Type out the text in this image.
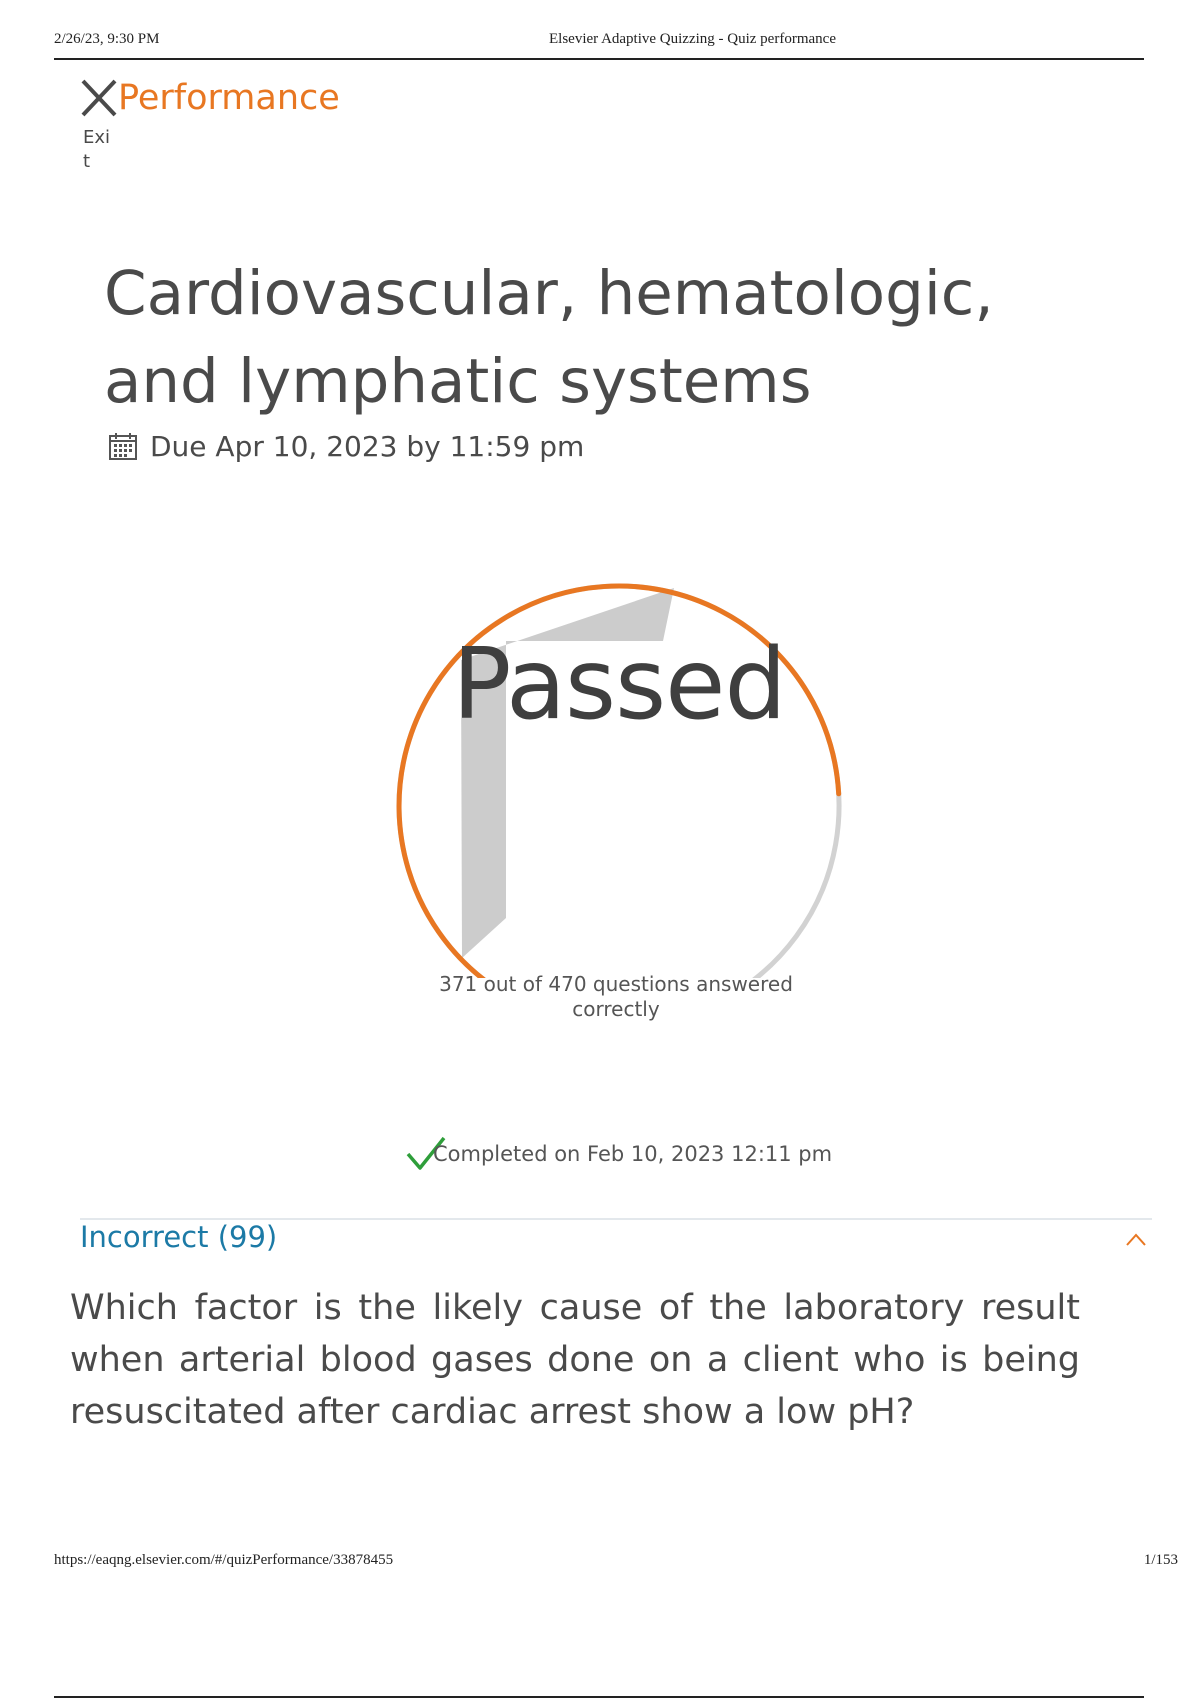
2/26/23, 9:30 PM	Elsevier Adaptive Quizzing - Quiz performance
Exit
Performance
Cardiovascular, hematologic, and lymphatic systems
Due Apr 10, 2023 by 11:59 pm
Passed
371 out of 470 questions answered correctly
Completed on Feb 10, 2023 12:11 pm
Incorrect (99)

Which factor is the likely cause of the laboratory result when arterial blood gases done on a client who is being resuscitated after cardiac arrest show a low pH?

https://eaqng.elsevier.com/#/quizPerformance/33878455	1/153
